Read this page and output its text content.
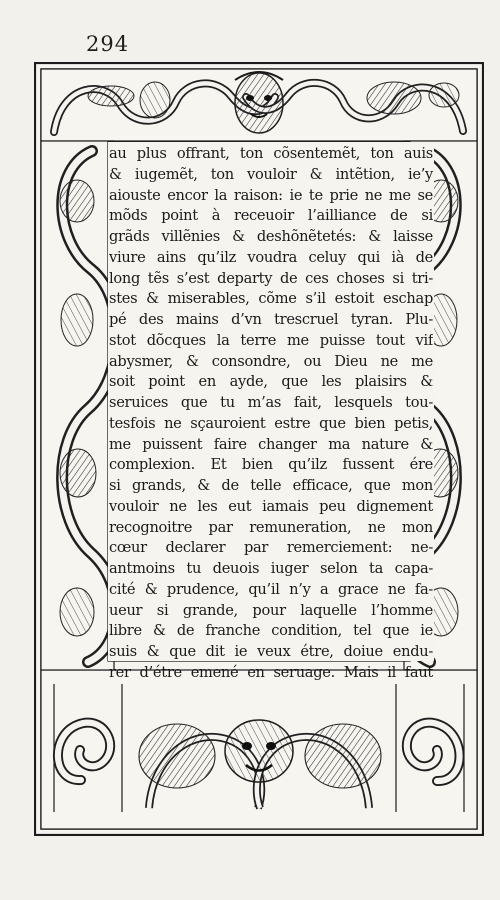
294
au plus offrant, ton cõsentemẽt, ton auis
& iugemẽt, ton vouloir & intẽtion, ie’y
aiouste encor la raison: ie te prie ne me se
mõds point à receuoir l’ailliance de si
grãds villẽnies & deshõnẽtetés: & laisse
viure ains qu’ilz voudra celuy qui ià de
long tẽs s’est departy de ces choses si tri-
stes & miserables, cõme s’il estoit eschap
pé des mains d’vn trescruel tyran. Plu-
stot dõcques la terre me puisse tout vif
abysmer, & consondre, ou Dieu ne me
soit point en ayde, que les plaisirs &
seruices que tu m’as fait, lesquels tou-
tesfois ne sçauroient estre que bien petis,
me puissent faire changer ma nature &
complexion. Et bien qu’ilz fussent ére
si grands, & de telle efficace, que mon
vouloir ne les eut iamais peu dignement
recognoitre par remuneration, ne mon
cœur declarer par remerciement: ne-
antmoins tu deuois iuger selon ta capa-
cité & prudence, qu’il n’y a grace ne fa-
ueur si grande, pour laquelle l’homme
libre & de franche condition, tel que ie
suis & que dit ie veux étre, doiue endu-
rer d’étre emené en seruage. Mais il faut
